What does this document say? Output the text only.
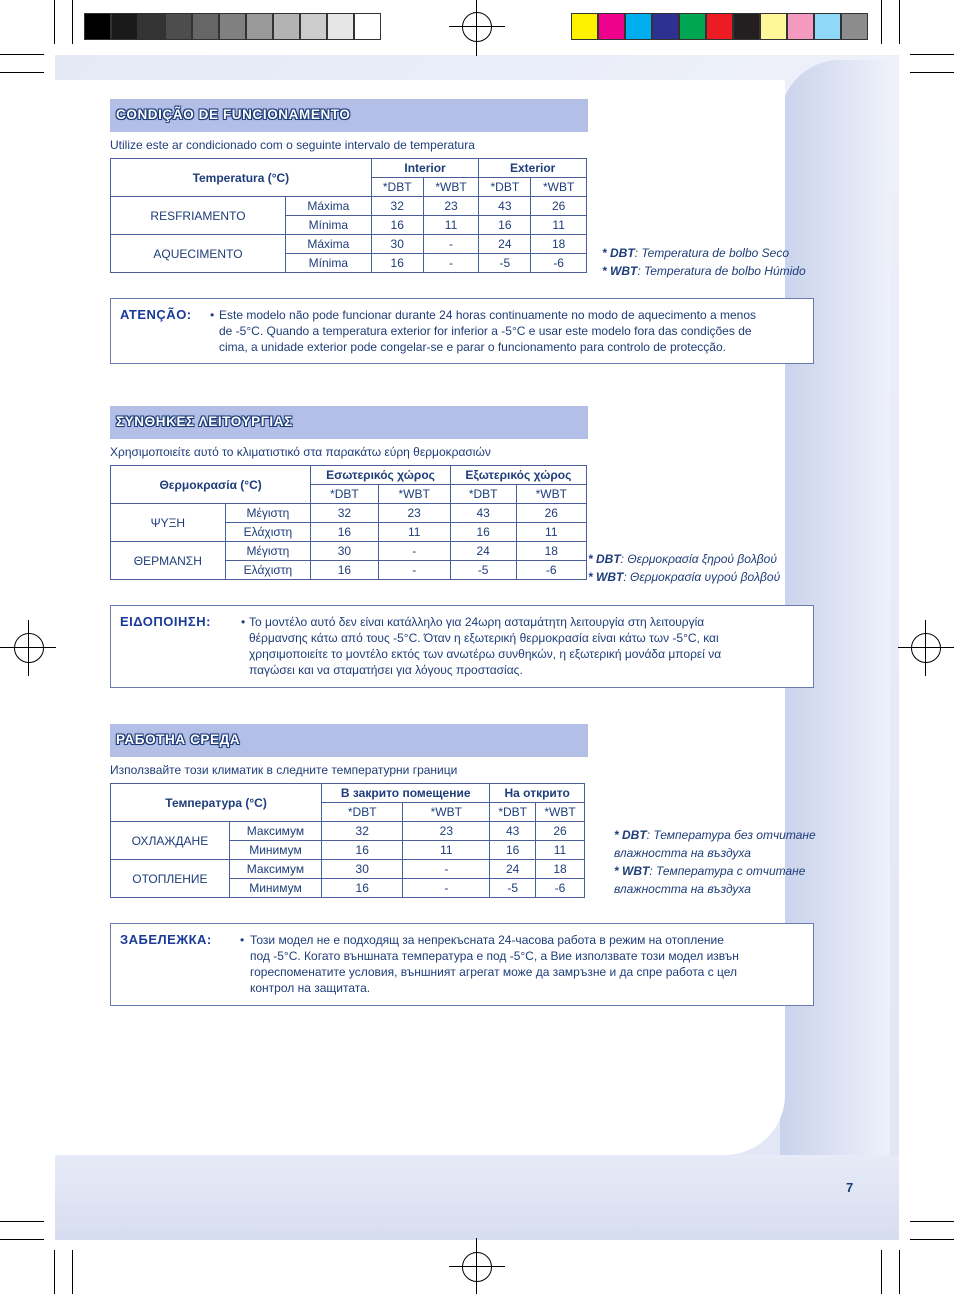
CONDIÇÃO DE FUNCIONAMENTO
Utilize este ar condicionado com o seguinte intervalo de temperatura
Temperatura (°C)		Interior		Exterior	
		*DBT	*WBT	*DBT	*WBT
RESFRIAMENTO	Máxima	32	23	43	26
	Mínima	16	11	16	11
AQUECIMENTO	Máxima	30	-	24	18
	Mínima	16	-	-5	-6
* DBT: Temperatura de bolbo Seco
* WBT: Temperatura de bolbo Húmido
ATENÇÃO: • Este modelo não pode funcionar durante 24 horas continuamente no modo de aquecimento a menos
de -5°C. Quando a temperatura exterior for inferior a -5°C e usar este modelo fora das condições de
cima, a unidade exterior pode congelar-se e parar o funcionamento para controlo de protecção.
ΣΥΝΘΗΚΕΣ ΛΕΙΤΟΥΡΓΙΑΣ
Χρησιμοποιείτε αυτό το κλιματιστικό στα παρακάτω εύρη θερμοκρασιών
Θερμοκρασία (°C)		Εσωτερικός χώρος		Εξωτερικός χώρος	
		*DBT	*WBT	*DBT	*WBT
ΨΥΞΗ	Μέγιστη	32	23	43	26
	Ελάχιστη	16	11	16	11
ΘΕΡΜΑΝΣΗ	Μέγιστη	30	-	24	18
	Ελάχιστη	16	-	-5	-6
* DBT: Θερμοκρασία ξηρού βολβού
* WBT: Θερμοκρασία υγρού βολβού
ΕΙΔΟΠΟΙΗΣΗ:	• Το μοντέλο αυτό δεν είναι κατάλληλο για 24ωρη ασταμάτητη λειτουργία στη λειτουργία
θέρμανσης κάτω από τους -5°C. Όταν η εξωτερική θερμοκρασία είναι κάτω των -5°C, και
χρησιμοποιείτε το μοντέλο εκτός των ανωτέρω συνθηκών, η εξωτερική μονάδα μπορεί να
παγώσει και να σταματήσει για λόγους προστασίας.
РАБОТНА СРЕДА
Използвайте този климатик в следните температурни граници
Температура (°C)		В закрито помещение		На открито	
		*DBT	*WBT	*DBT	*WBT
ОХЛАЖДАНЕ	Максимум	32	23	43	26
	Минимум	16	11	16	11
ОТОПЛЕНИЕ	Максимум	30	-	24	18
	Минимум	16	-	-5	-6
* DBT: Температура без отчитане
влажността на въздуха
* WBT: Температура с отчитане
влажността на въздуха
ЗАБЕЛЕЖКА: • Този модел не е подходящ за непрекъсната 24-часова работа в режим на отопление
под -5°C. Когато външната температура е под -5°C, а Вие използвате този модел извън
гореспоменатите условия, външният агрегат може да замръзне и да спре работа с цел
контрол на защитата.
7
